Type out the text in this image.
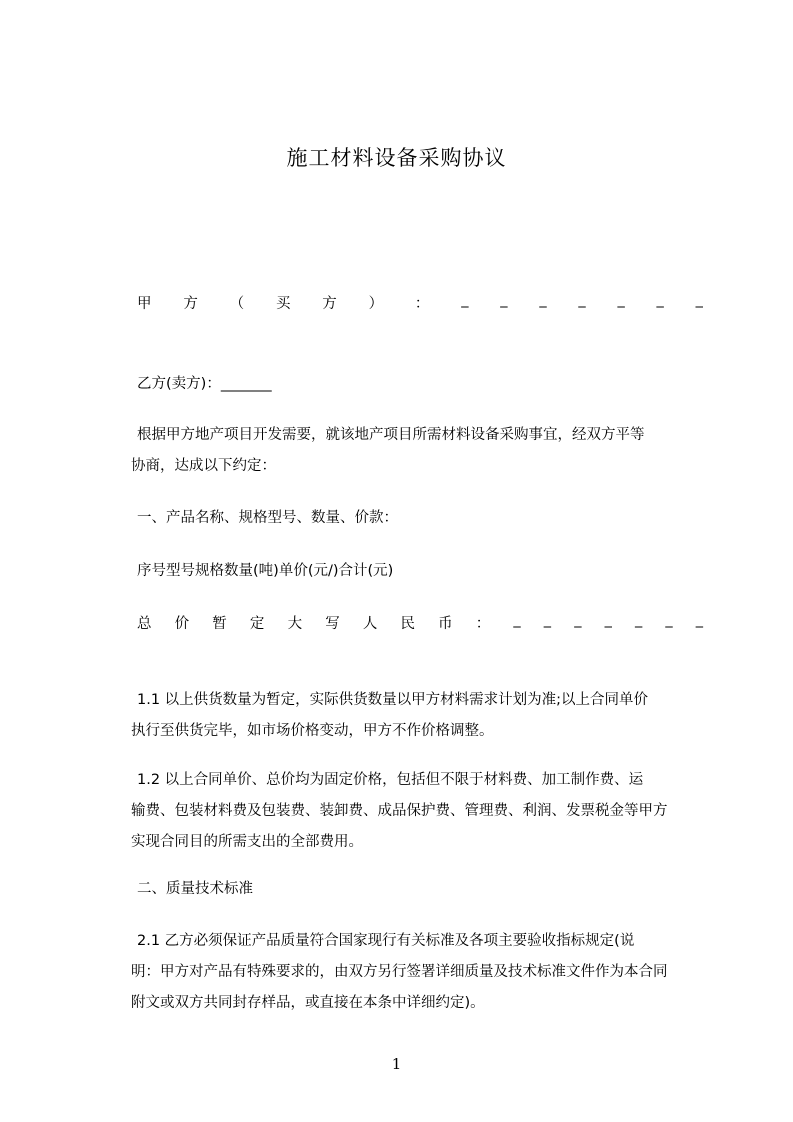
施工材料设备采购协议
甲 方 （ 买 方 ） ： _ _ _ _ _ _ _
乙方(卖方)：_______
根据甲方地产项目开发需要，就该地产项目所需材料设备采购事宜，经双方平等
协商，达成以下约定：
一、产品名称、规格型号、数量、价款：
序号型号规格数量(吨)单价(元/)合计(元)
总 价 暂 定 大 写 人 民 币 ： _ _ _ _ _ _ _
1.1 以上供货数量为暂定，实际供货数量以甲方材料需求计划为准;以上合同单价
执行至供货完毕，如市场价格变动，甲方不作价格调整。
1.2 以上合同单价、总价均为固定价格，包括但不限于材料费、加工制作费、运
输费、包装材料费及包装费、装卸费、成品保护费、管理费、利润、发票税金等甲方
实现合同目的所需支出的全部费用。
二、质量技术标准
2.1 乙方必须保证产品质量符合国家现行有关标准及各项主要验收指标规定(说
明：甲方对产品有特殊要求的，由双方另行签署详细质量及技术标准文件作为本合同
附文或双方共同封存样品，或直接在本条中详细约定)。
1
